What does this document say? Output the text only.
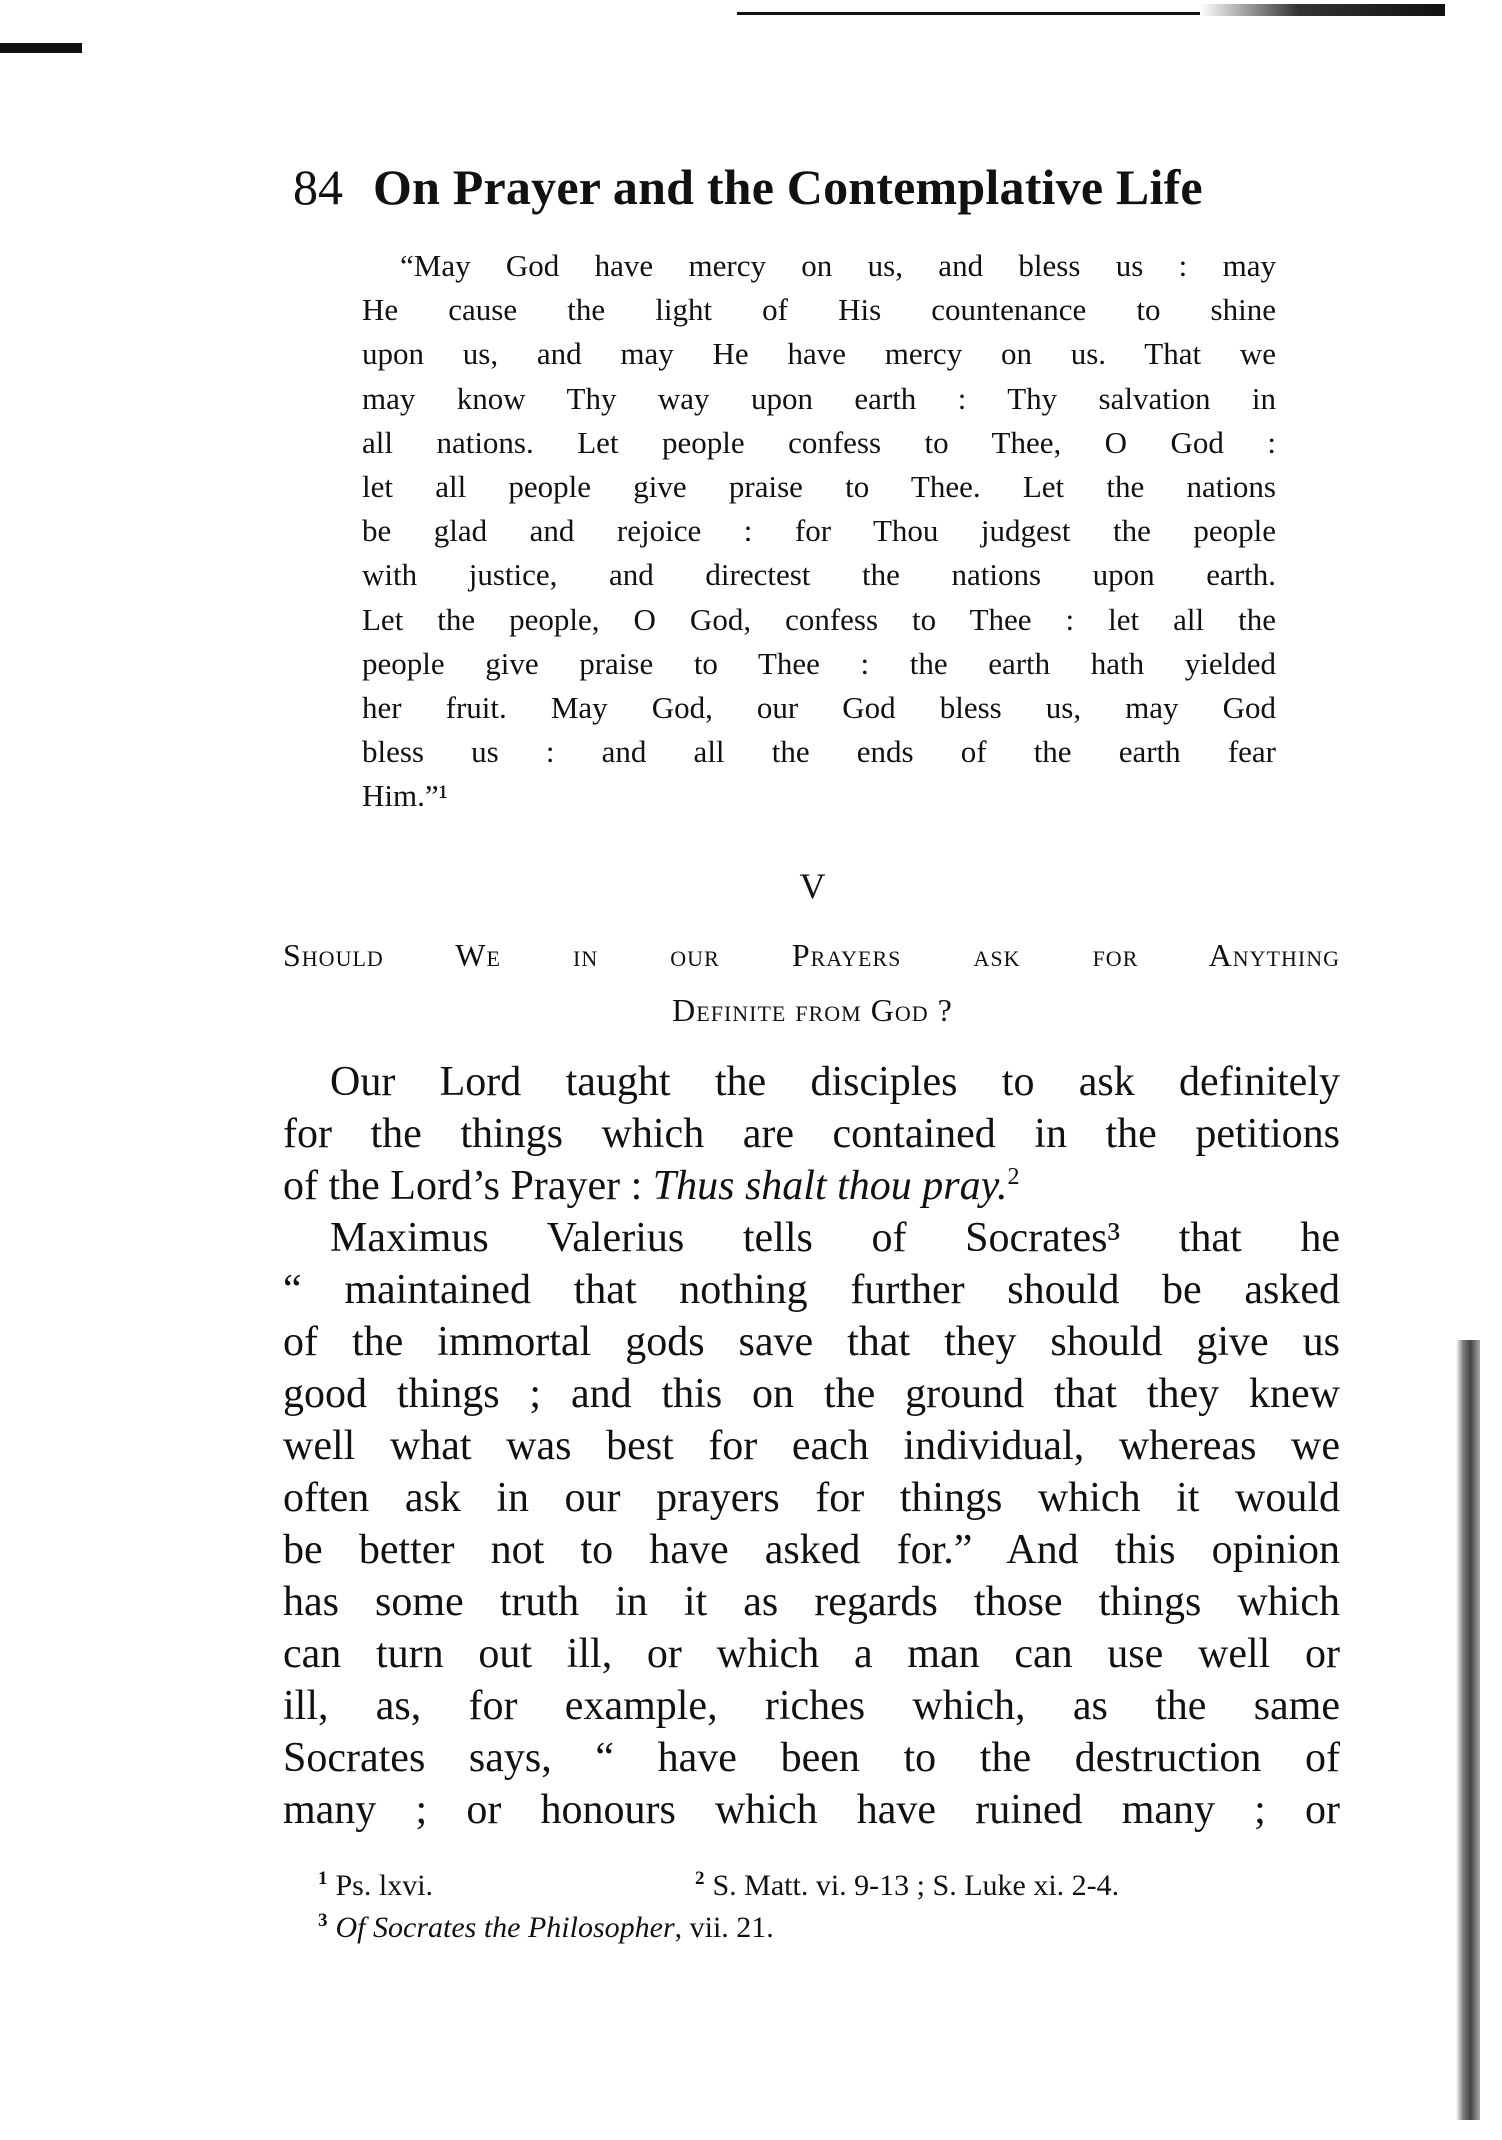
84 On Prayer and the Contemplative Life
“May God have mercy on us, and bless us : may
He cause the light of His countenance to shine
upon us, and may He have mercy on us. That we
may know Thy way upon earth : Thy salvation in
all nations. Let people confess to Thee, O God :
let all people give praise to Thee. Let the nations
be glad and rejoice : for Thou judgest the people
with justice, and directest the nations upon earth.
Let the people, O God, confess to Thee : let all the
people give praise to Thee : the earth hath yielded
her fruit. May God, our God bless us, may God
bless us : and all the ends of the earth fear
Him.”¹
V
Should We in our Prayers ask for Anything
Definite from God ?
Our Lord taught the disciples to ask definitely
for the things which are contained in the petitions
of the Lord’s Prayer : Thus shalt thou pray.$^2$
Maximus Valerius tells of Socrates³ that he
“ maintained that nothing further should be asked
of the immortal gods save that they should give us
good things ; and this on the ground that they knew
well what was best for each individual, whereas we
often ask in our prayers for things which it would
be better not to have asked for.” And this opinion
has some truth in it as regards those things which
can turn out ill, or which a man can use well or
ill, as, for example, riches which, as the same
Socrates says, “ have been to the destruction of
many ; or honours which have ruined many ; or
$^1$ Ps. lxvi.	$^2$ S. Matt. vi. 9-13 ; S. Luke xi. 2-4.
$^3$ Of Socrates the Philosopher, vii. 21.
